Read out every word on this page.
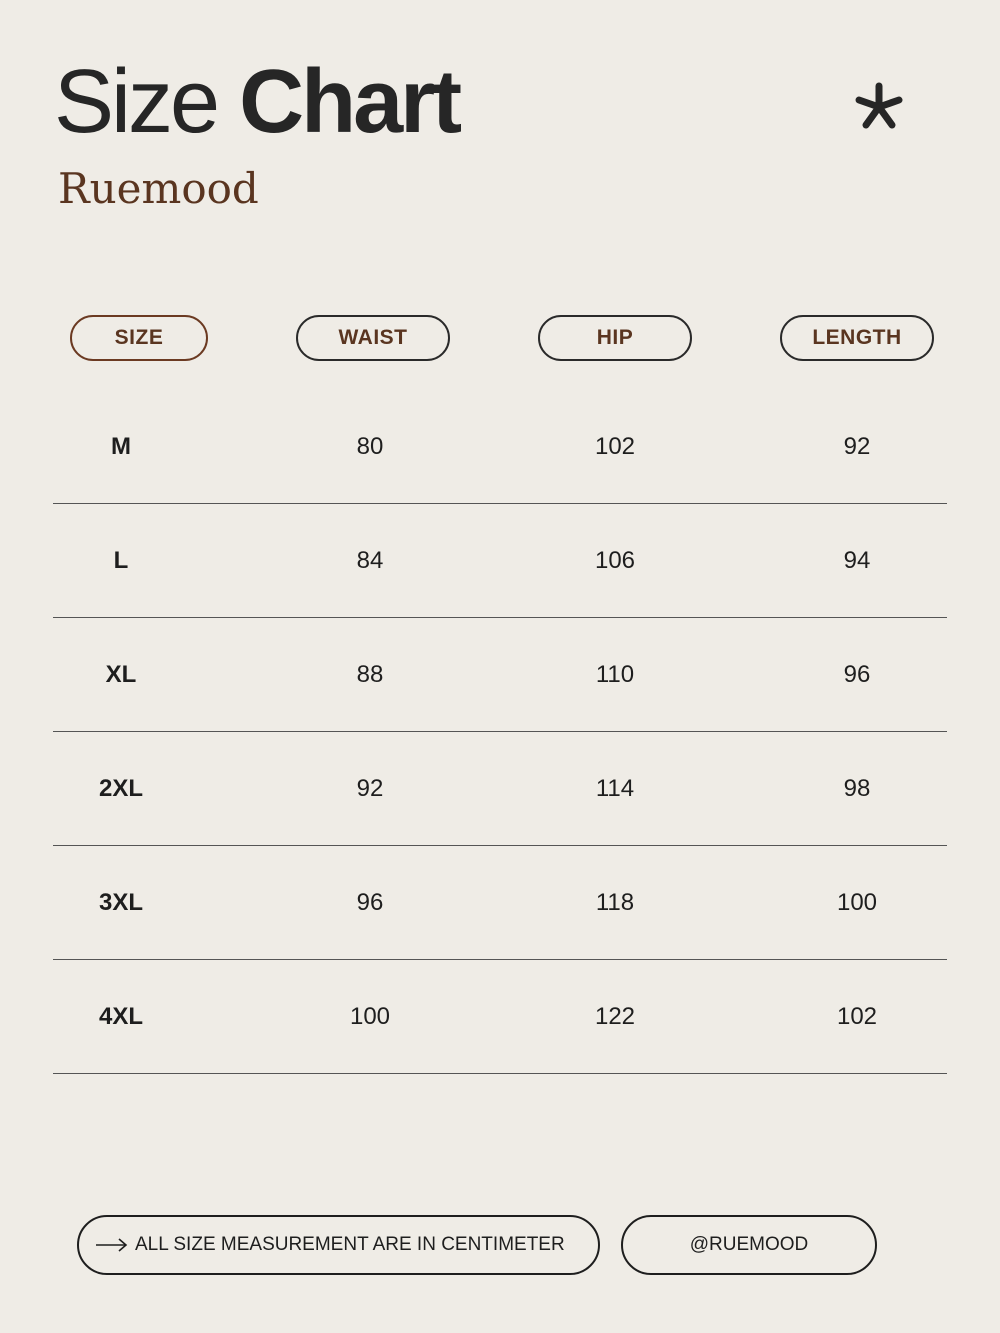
Size Chart
Ruemood
SIZE	WAIST	HIP	LENGTH
M	80	102	92
L	84	106	94
XL	88	110	96
2XL	92	114	98
3XL	96	118	100
4XL	100	122	102
ALL SIZE MEASUREMENT ARE IN CENTIMETER	@RUEMOOD
